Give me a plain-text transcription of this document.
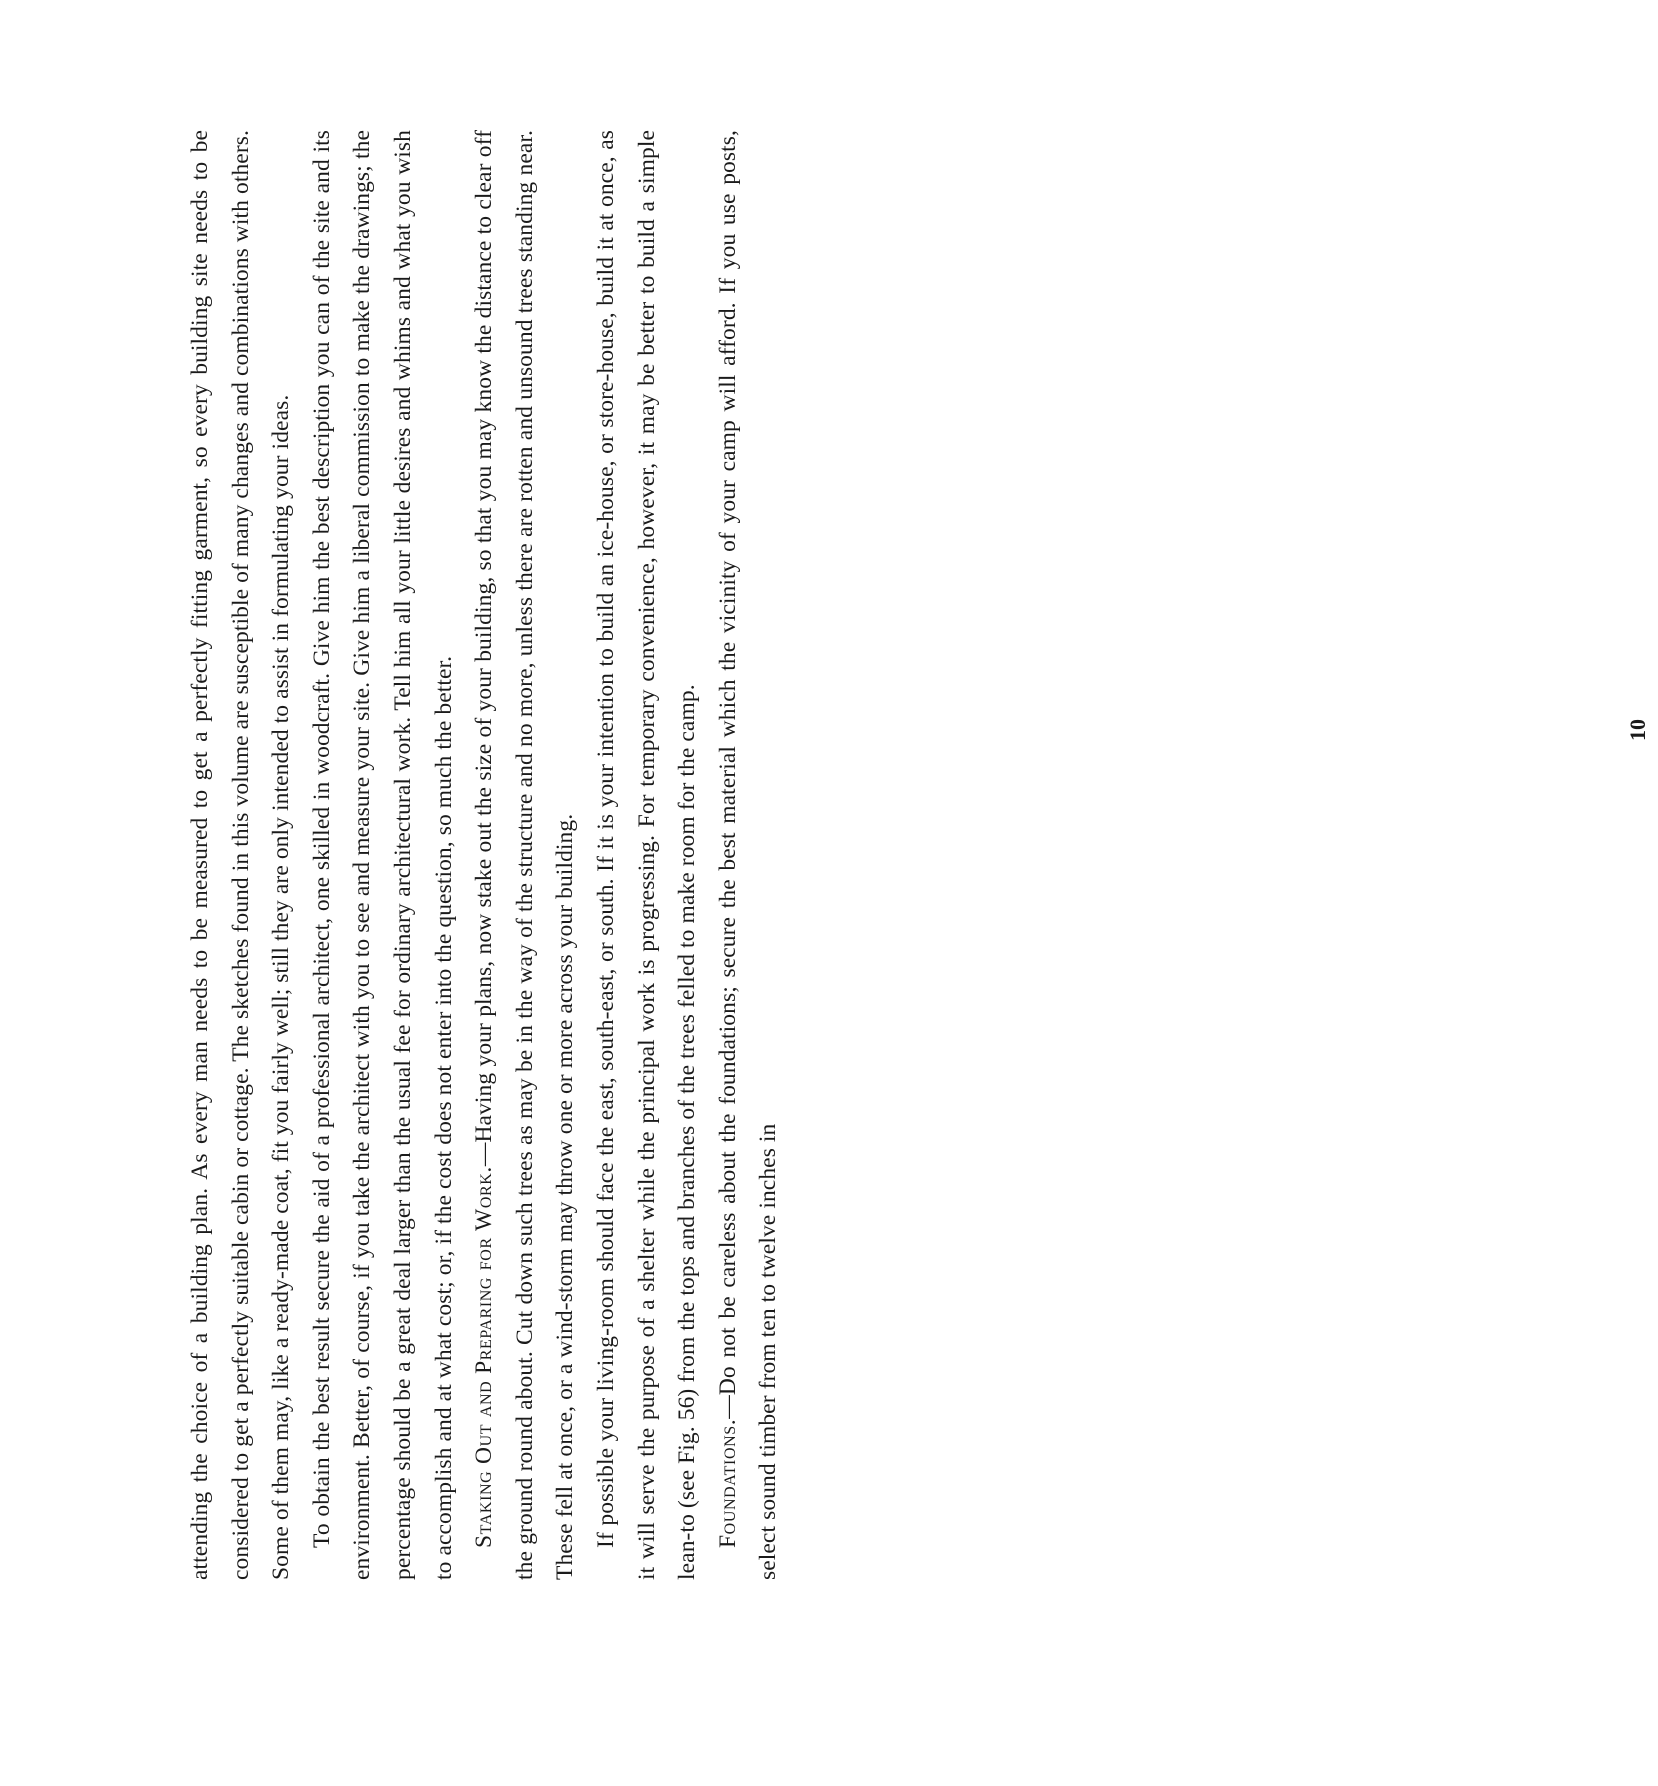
attending the choice of a building plan. As every man needs to be measured to get a perfectly fitting garment, so every building site needs to be considered to get a perfectly suitable cabin or cottage. The sketches found in this volume are susceptible of many changes and combinations with others. Some of them may, like a ready-made coat, fit you fairly well; still they are only intended to assist in formulating your ideas. To obtain the best result secure the aid of a professional architect, one skilled in woodcraft. Give him the best description you can of the site and its environment. Better, of course, if you take the architect with you to see and measure your site. Give him a liberal commission to make the drawings; the percentage should be a great deal larger than the usual fee for ordinary architectural work. Tell him all your little desires and whims and what you wish to accomplish and at what cost; or, if the cost does not enter into the question, so much the better. Staking Out and Preparing for Work.—Having your plans, now stake out the size of your building, so that you may know the distance to clear off the ground round about. Cut down such trees as may be in the way of the structure and no more, unless there are rotten and unsound trees standing near. These fell at once, or a wind-storm may throw one or more across your building. If possible your living-room should face the east, south-east, or south. If it is your intention to build an ice-house, or store-house, build it at once, as it will serve the purpose of a shelter while the principal work is progressing. For temporary convenience, however, it may be better to build a simple lean-to (see Fig. 56) from the tops and branches of the trees felled to make room for the camp. Foundations.—Do not be careless about the foundations; secure the best material which the vicinity of your camp will afford. If you use posts, select sound timber from ten to twelve inches in

10
